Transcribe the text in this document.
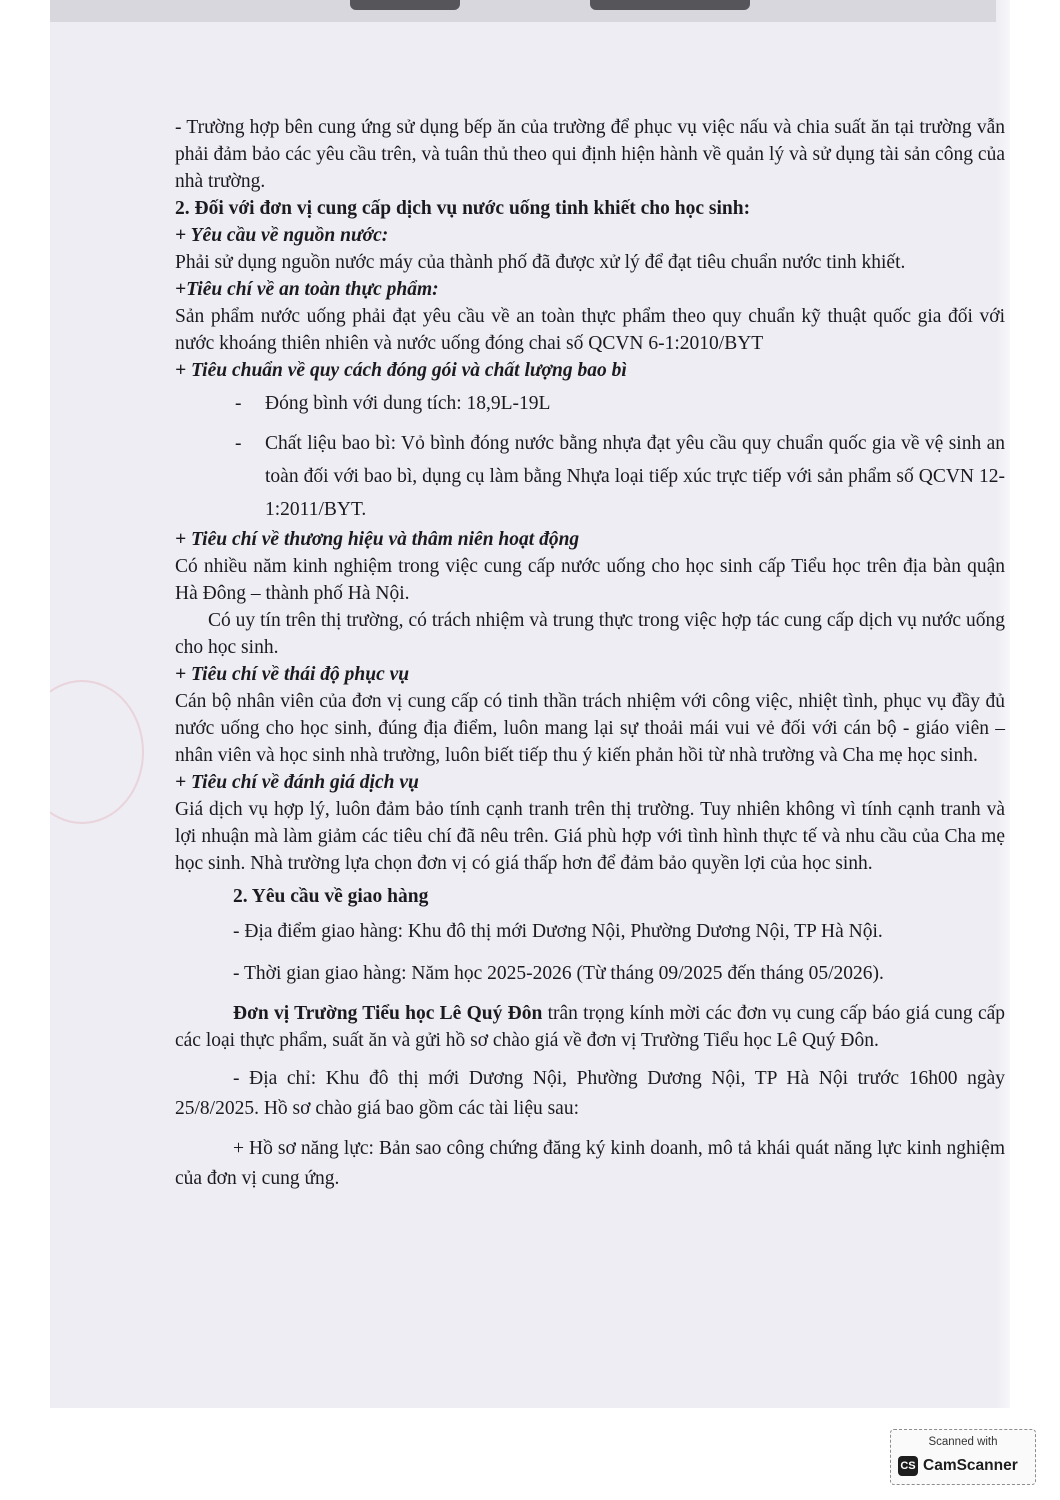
- Trường hợp bên cung ứng sử dụng bếp ăn của trường để phục vụ việc nấu và chia suất ăn tại trường vẫn phải đảm bảo các yêu cầu trên, và tuân thủ theo qui định hiện hành về quản lý và sử dụng tài sản công của nhà trường.

2. Đối với đơn vị cung cấp dịch vụ nước uống tinh khiết cho học sinh:

+ Yêu cầu về nguồn nước:

Phải sử dụng nguồn nước máy của thành phố đã được xử lý để đạt tiêu chuẩn nước tinh khiết.

+Tiêu chí về an toàn thực phẩm:

Sản phẩm nước uống phải đạt yêu cầu về an toàn thực phẩm theo quy chuẩn kỹ thuật quốc gia đối với nước khoáng thiên nhiên và nước uống đóng chai số QCVN 6-1:2010/BYT

+ Tiêu chuẩn về quy cách đóng gói và chất lượng bao bì

- Đóng bình với dung tích: 18,9L-19L

- Chất liệu bao bì: Vỏ bình đóng nước bằng nhựa đạt yêu cầu quy chuẩn quốc gia về vệ sinh an toàn đối với bao bì, dụng cụ làm bằng Nhựa loại tiếp xúc trực tiếp với sản phẩm số QCVN 12-1:2011/BYT.

+ Tiêu chí về thương hiệu và thâm niên hoạt động

Có nhiều năm kinh nghiệm trong việc cung cấp nước uống cho học sinh cấp Tiểu học trên địa bàn quận Hà Đông – thành phố Hà Nội.

Có uy tín trên thị trường, có trách nhiệm và trung thực trong việc hợp tác cung cấp dịch vụ nước uống cho học sinh.

+ Tiêu chí về thái độ phục vụ

Cán bộ nhân viên của đơn vị cung cấp có tinh thần trách nhiệm với công việc, nhiệt tình, phục vụ đầy đủ nước uống cho học sinh, đúng địa điểm, luôn mang lại sự thoải mái vui vẻ đối với cán bộ - giáo viên – nhân viên và học sinh nhà trường, luôn biết tiếp thu ý kiến phản hồi từ nhà trường và Cha mẹ học sinh.

+ Tiêu chí về đánh giá dịch vụ

Giá dịch vụ hợp lý, luôn đảm bảo tính cạnh tranh trên thị trường. Tuy nhiên không vì tính cạnh tranh và lợi nhuận mà làm giảm các tiêu chí đã nêu trên. Giá phù hợp với tình hình thực tế và nhu cầu của Cha mẹ học sinh. Nhà trường lựa chọn đơn vị có giá thấp hơn để đảm bảo quyền lợi của học sinh.

2. Yêu cầu về giao hàng

- Địa điểm giao hàng: Khu đô thị mới Dương Nội, Phường Dương Nội, TP Hà Nội.

- Thời gian giao hàng: Năm học 2025-2026 (Từ tháng 09/2025 đến tháng 05/2026).

Đơn vị Trường Tiểu học Lê Quý Đôn trân trọng kính mời các đơn vụ cung cấp báo giá cung cấp các loại thực phẩm, suất ăn và gửi hồ sơ chào giá về đơn vị Trường Tiểu học Lê Quý Đôn.

- Địa chỉ: Khu đô thị mới Dương Nội, Phường Dương Nội, TP Hà Nội trước 16h00 ngày 25/8/2025. Hồ sơ chào giá bao gồm các tài liệu sau:

+ Hồ sơ năng lực: Bản sao công chứng đăng ký kinh doanh, mô tả khái quát năng lực kinh nghiệm của đơn vị cung ứng.

Scanned with
CS CamScanner
